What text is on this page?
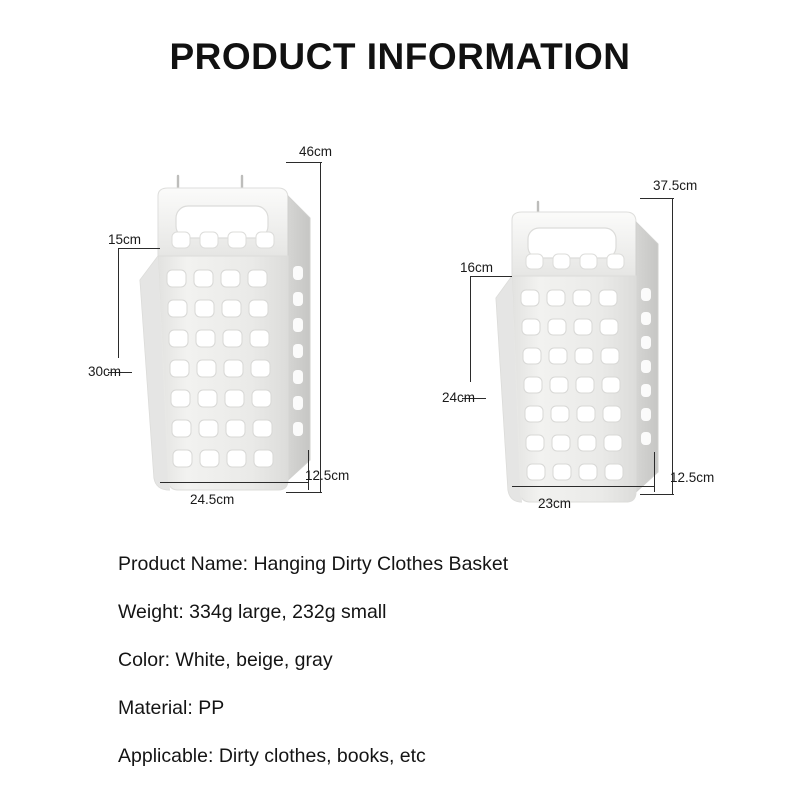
PRODUCT INFORMATION
46cm
15cm
30cm
24.5cm
12.5cm
37.5cm
16cm
24cm
23cm
12.5cm
Product Name: Hanging Dirty Clothes Basket
Weight: 334g large, 232g small
Color: White, beige, gray
Material: PP
Applicable: Dirty clothes, books, etc
